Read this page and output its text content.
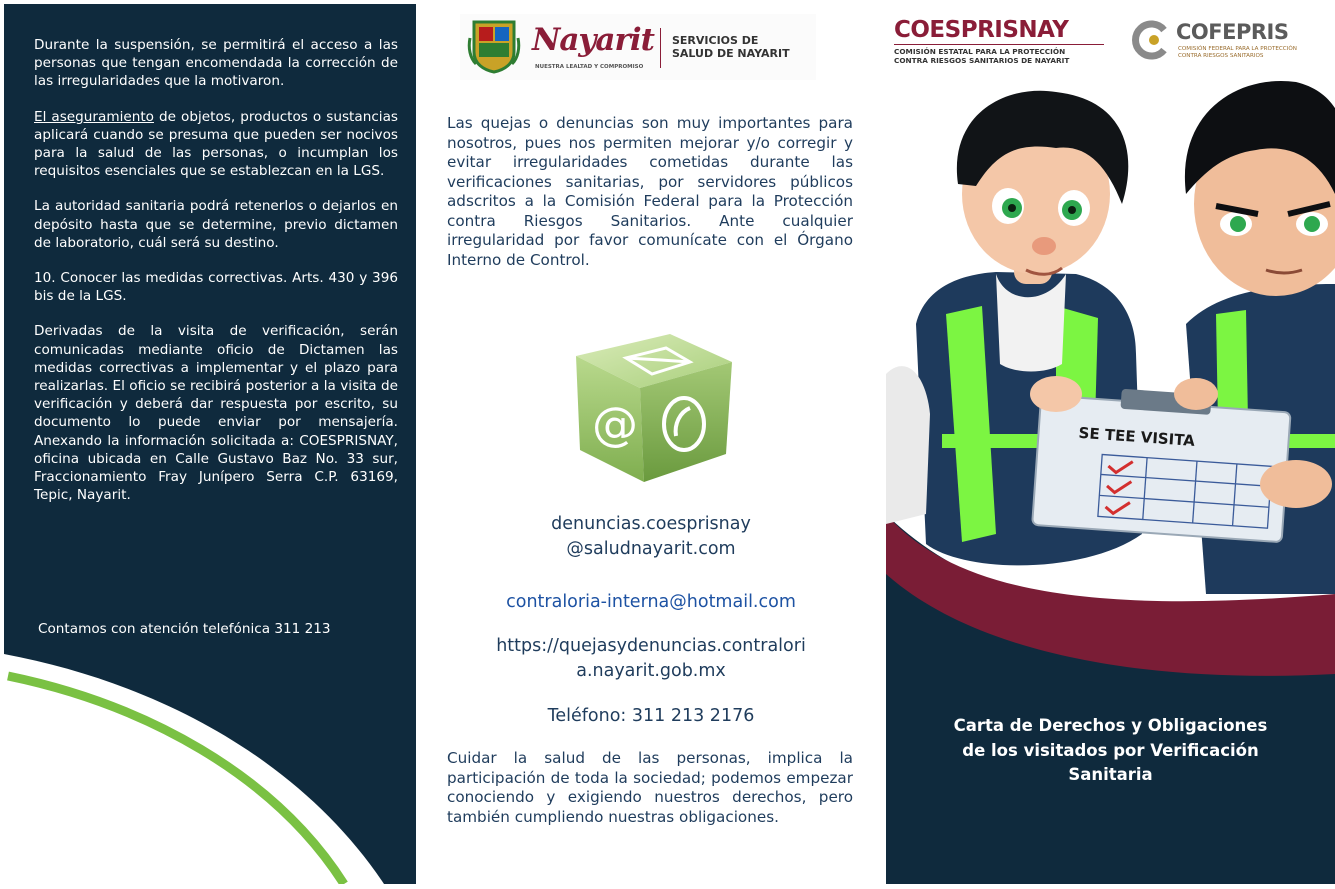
Durante la suspensión, se permitirá el acceso a las personas que tengan encomendada la corrección de las irregularidades que la motivaron.

El aseguramiento de objetos, productos o sustancias aplicará cuando se presuma que pueden ser nocivos para la salud de las personas, o incumplan los requisitos esenciales que se establezcan en la LGS.

La autoridad sanitaria podrá retenerlos o dejarlos en depósito hasta que se determine, previo dictamen de laboratorio, cuál será su destino.

10. Conocer las medidas correctivas. Arts. 430 y 396 bis de la LGS.

Derivadas de la visita de verificación, serán comunicadas mediante oficio de Dictamen las medidas correctivas a implementar y el plazo para realizarlas. El oficio se recibirá posterior a la visita de verificación y deberá dar respuesta por escrito, su documento lo puede enviar por mensajería. Anexando la información solicitada a: COESPRISNAY, oficina ubicada en Calle Gustavo Baz No. 33 sur, Fraccionamiento Fray Junípero Serra C.P. 63169, Tepic, Nayarit.

Contamos con atención telefónica 311 213
Nayarit
NUESTRA LEALTAD Y COMPROMISO
SERVICIOS DE
SALUD DE NAYARIT
Las quejas o denuncias son muy importantes para nosotros, pues nos permiten mejorar y/o corregir y evitar irregularidades cometidas durante las verificaciones sanitarias, por servidores públicos adscritos a la Comisión Federal para la Protección contra Riesgos Sanitarios. Ante cualquier irregularidad por favor comunícate con el Órgano Interno de Control.
@
denuncias.coesprisnay
@saludnayarit.com
contraloria-interna@hotmail.com
https://quejasydenuncias.contralori
a.nayarit.gob.mx
Teléfono: 311 213 2176
Cuidar la salud de las personas, implica la participación de toda la sociedad; podemos empezar conociendo y exigiendo nuestros derechos, pero también cumpliendo nuestras obligaciones.
COESPRISNAY
COMISIÓN ESTATAL PARA LA PROTECCIÓN
CONTRA RIESGOS SANITARIOS DE NAYARIT
COFEPRIS
COMISIÓN FEDERAL PARA LA PROTECCIÓN
CONTRA RIESGOS SANITARIOS
SE TEE VISITA
Carta de Derechos y Obligaciones
de los visitados por Verificación
Sanitaria
